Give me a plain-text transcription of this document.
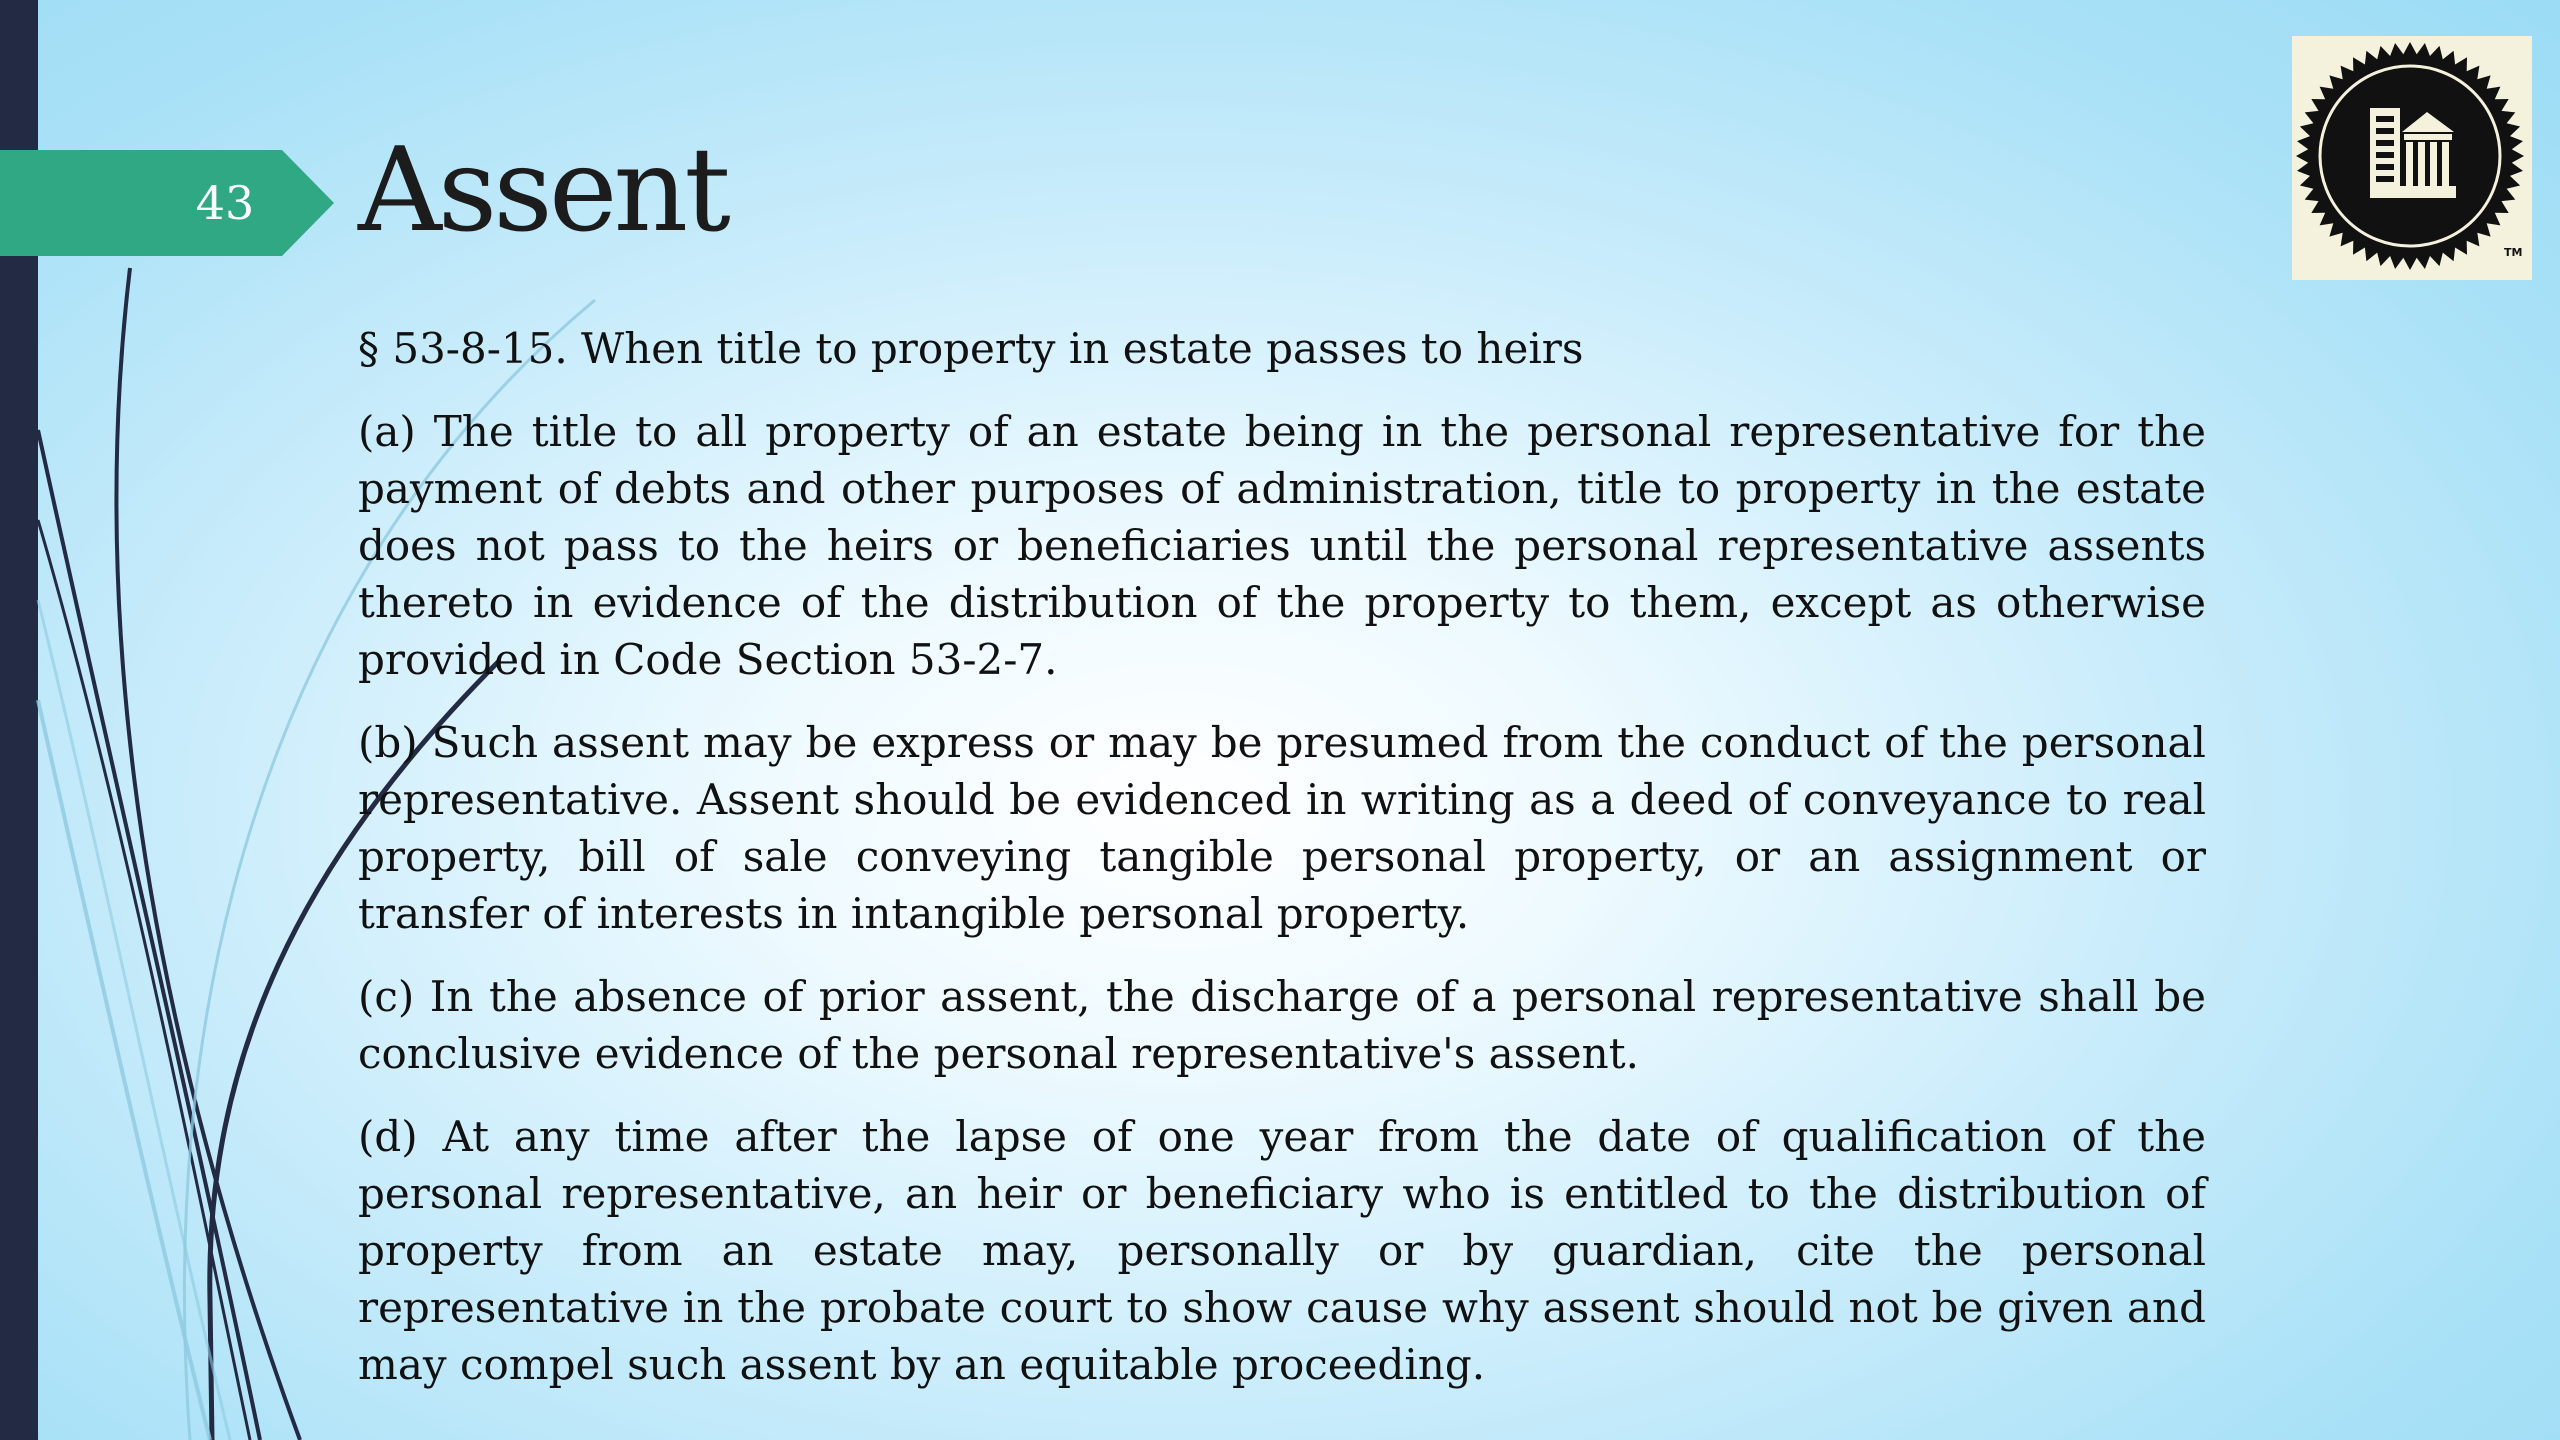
43 Assent	TM

§ 53-8-15. When title to property in estate passes to heirs

(a) The title to all property of an estate being in the personal representative for the payment of debts and other purposes of administration, title to property in the estate does not pass to the heirs or beneficiaries until the personal representative assents thereto in evidence of the distribution of the property to them, except as otherwise provided in Code Section 53-2-7.

(b) Such assent may be express or may be presumed from the conduct of the personal representative. Assent should be evidenced in writing as a deed of conveyance to real property, bill of sale conveying tangible personal property, or an assignment or transfer of interests in intangible personal property.

(c) In the absence of prior assent, the discharge of a personal representative shall be conclusive evidence of the personal representative's assent.

(d) At any time after the lapse of one year from the date of qualification of the personal representative, an heir or beneficiary who is entitled to the distribution of property from an estate may, personally or by guardian, cite the personal representative in the probate court to show cause why assent should not be given and may compel such assent by an equitable proceeding.
